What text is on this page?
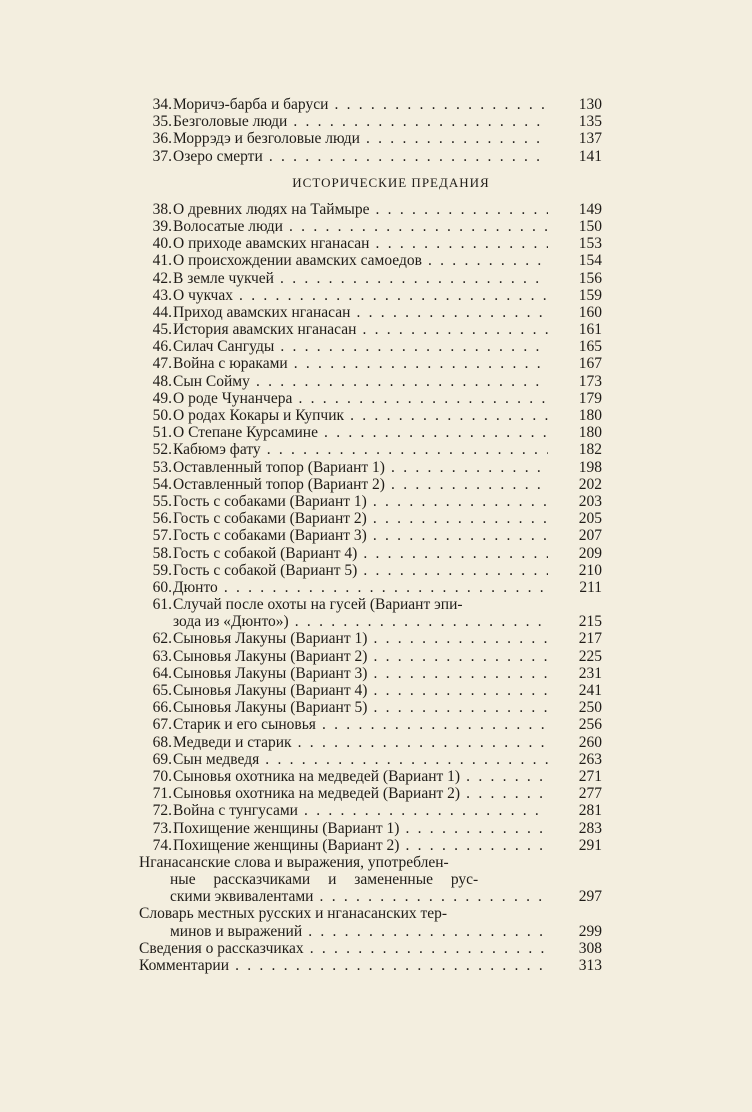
34. Моричэ-барба и баруси . . .	130
35. Безголовые люди . . .	135
36. Моррэдэ и безголовые люди . . .	137
37. Озеро смерти . . .	141
ИСТОРИЧЕСКИЕ ПРЕДАНИЯ
38. О древних людях на Таймыре . . .	149
39. Волосатые люди . . .	150
40. О приходе авамских нганасан . . .	153
41. О происхождении авамских самоедов . . .	154
42. В земле чукчей . . .	156
43. О чукчах . . .	159
44. Приход авамских нганасан . . .	160
45. История авамских нганасан . . .	161
46. Силач Сангуды . . .	165
47. Война с юраками . . .	167
48. Сын Сойму . . .	173
49. О роде Чунанчера . . .	179
50. О родах Кокары и Купчик . . .	180
51. О Степане Курсамине . . .	180
52. Кабюмэ фату . . .	182
53. Оставленный топор (Вариант 1) . . .	198
54. Оставленный топор (Вариант 2) . . .	202
55. Гость с собаками (Вариант 1) . . .	203
56. Гость с собаками (Вариант 2) . . .	205
57. Гость с собаками (Вариант 3) . . .	207
58. Гость с собакой (Вариант 4) . . .	209
59. Гость с собакой (Вариант 5) . . .	210
60. Дюнто . . .	211
61. Случай после охоты на гусей (Вариант эпи-
зода из «Дюнто») . . .	215
62. Сыновья Лакуны (Вариант 1) . . .	217
63. Сыновья Лакуны (Вариант 2) . . .	225
64. Сыновья Лакуны (Вариант 3) . . .	231
65. Сыновья Лакуны (Вариант 4) . . .	241
66. Сыновья Лакуны (Вариант 5) . . .	250
67. Старик и его сыновья . . .	256
68. Медведи и старик . . .	260
69. Сын медведя . . .	263
70. Сыновья охотника на медведей (Вариант 1) . . .	271
71. Сыновья охотника на медведей (Вариант 2) . . .	277
72. Война с тунгусами . . .	281
73. Похищение женщины (Вариант 1) . . .	283
74. Похищение женщины (Вариант 2) . . .	291
Нганасанские слова и выражения, употреблен-
ные рассказчиками и замененные рус-
скими эквивалентами . . .	297
Словарь местных русских и нганасанских тер-
минов и выражений . . .	299
Сведения о рассказчиках . . .	308
Комментарии . . .	313
